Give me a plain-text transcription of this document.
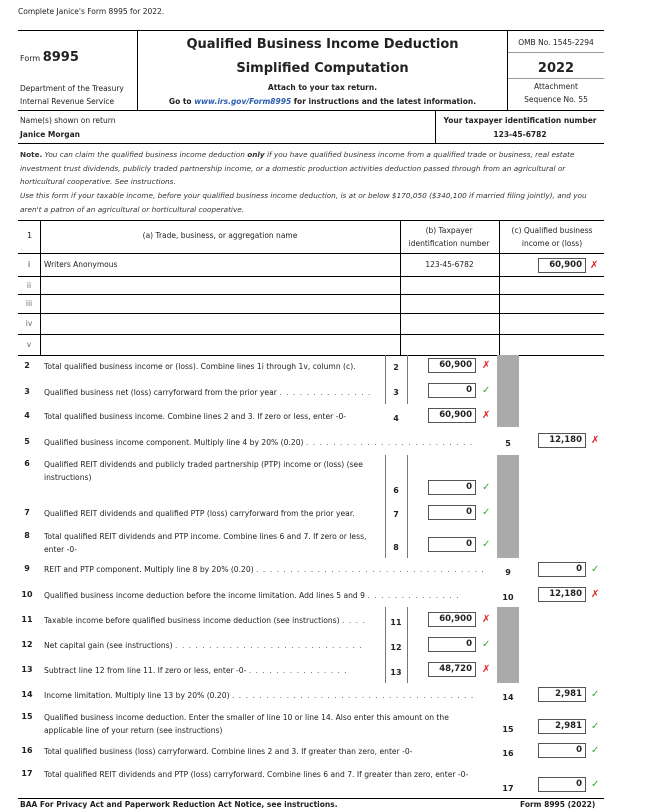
Complete Janice's Form 8995 for 2022.
Form 8995
Department of the Treasury
Internal Revenue Service
Qualified Business Income Deduction
Simplified Computation
Attach to your tax return.
Go to www.irs.gov/Form8995 for instructions and the latest information.
OMB No. 1545-2294
2022
Attachment
Sequence No. 55
Name(s) shown on return
Janice Morgan
Your taxpayer identification number
123-45-6782
Note. You can claim the qualified business income deduction only if you have qualified business income from a qualified trade or business, real estate investment trust dividends, publicly traded partnership income, or a domestic production activities deduction passed through from an agricultural or horticultural cooperative. See instructions.
Use this form if your taxable income, before your qualified business income deduction, is at or below $170,050 ($340,100 if married filing jointly), and you aren't a patron of an agricultural or horticultural cooperative.
1	(a) Trade, business, or aggregation name
(b) Taxpayer identification number
(c) Qualified business income or (loss)
i	Writers Anonymous	123-45-6782	60,900 ✗
ii
iii
iv
v
2	Total qualified business income or (loss). Combine lines 1i through 1v, column (c).	2	60,900	✗
3	Qualified business net (loss) carryforward from the prior year . . . . . . . . . . . . . .	3	0	✓
4	Total qualified business income. Combine lines 2 and 3. If zero or less, enter -0-	4	60,900	✗
5	Qualified business income component. Multiply line 4 by 20% (0.20) . . . . . . . . . . . . . . . . . . . . . . . . .	5	12,180 ✗
6	Qualified REIT dividends and publicly traded partnership (PTP) income or (loss) (see instructions)
6	0	✓
7	Qualified REIT dividends and qualified PTP (loss) carryforward from the prior year.	7	0	✓
8	Total qualified REIT dividends and PTP income. Combine lines 6 and 7. If zero or less, enter -0-	8	0	✓
9	REIT and PTP component. Multiply line 8 by 20% (0.20) . . . . . . . . . . . . . . . . . . . . . . . . . . . . . . . . . .	9	0 ✓
10 Qualified business income deduction before the income limitation. Add lines 5 and 9 . . . . . . . . . . . . . .	10	12,180 ✗
11 Taxable income before qualified business income deduction (see instructions) . . . .	11	60,900	✗
12 Net capital gain (see instructions) . . . . . . . . . . . . . . . . . . . . . . . . . . . .	12	0	✓
13 Subtract line 12 from line 11. If zero or less, enter -0- . . . . . . . . . . . . . . .	13	48,720	✗
14 Income limitation. Multiply line 13 by 20% (0.20) . . . . . . . . . . . . . . . . . . . . . . . . . . . . . . . . . . . .	14	2,981 ✓
15 Qualified business income deduction. Enter the smaller of line 10 or line 14. Also enter this amount on the applicable line of your return (see instructions)	15	2,981 ✓
16 Total qualified business (loss) carryforward. Combine lines 2 and 3. If greater than zero, enter -0-	16	0 ✓
17 Total qualified REIT dividends and PTP (loss) carryforward. Combine lines 6 and 7. If greater than zero, enter -0-
17	0 ✓
BAA For Privacy Act and Paperwork Reduction Act Notice, see instructions.	Form 8995 (2022)
